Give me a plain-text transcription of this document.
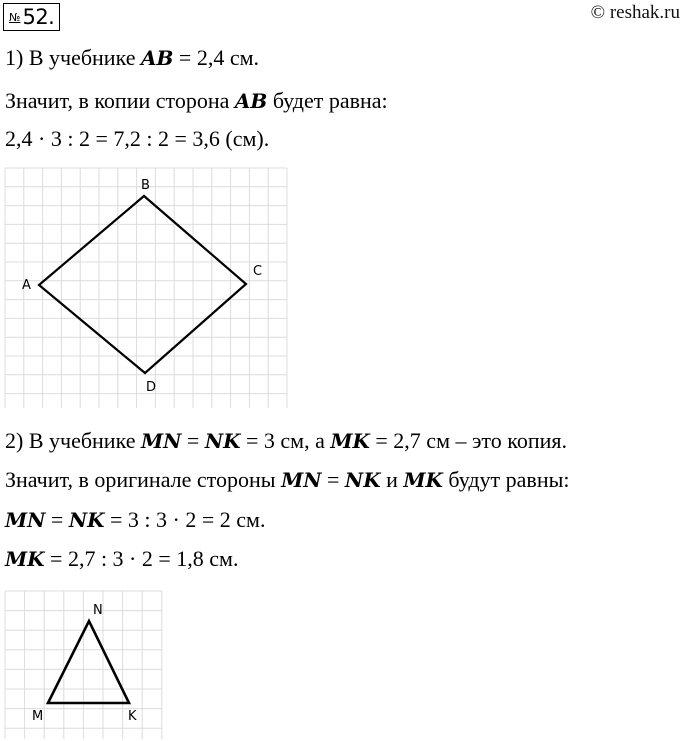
№ 52.	© reshak.ru
1) В учебнике AB = 2,4 см.
Значит, в копии сторона AB будет равна:
2,4 · 3 : 2 = 7,2 : 2 = 3,6 (см).
A
B
C
D
2) В учебнике MN = NK = 3 см, а MK = 2,7 см – это копия.
Значит, в оригинале стороны MN = NK и MK будут равны:
MN = NK = 3 : 3 · 2 = 2 см.
MK = 2,7 : 3 · 2 = 1,8 см.
M
N
K
